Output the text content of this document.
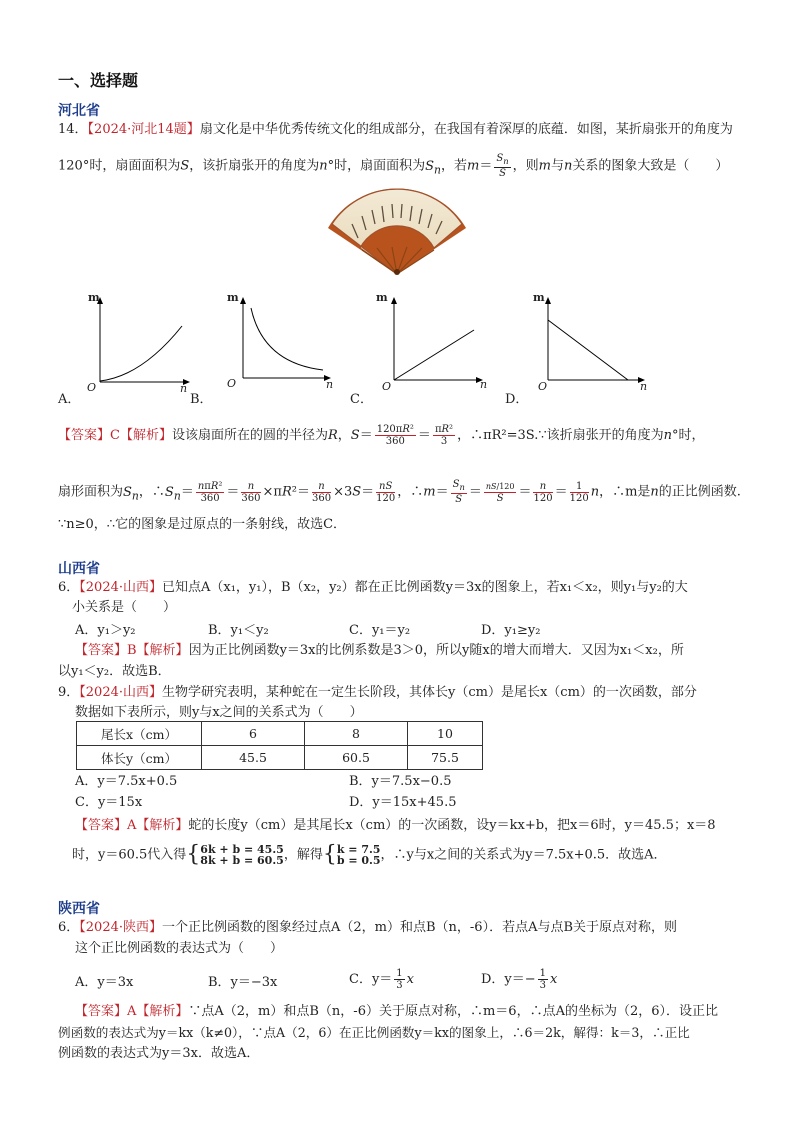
一、选择题
河北省
14．【2024·河北14题】扇文化是中华优秀传统文化的组成部分，在我国有着深厚的底蕴．如图，某折扇张开的角度为
120°时，扇面面积为S，该折扇张开的角度为n°时，扇面面积为$S_n$，若$m= \frac{S_n}{S}$ ，则m与n关系的图象大致是（　　）
m
O	n
A．
m
O	n
B．
m
O	n
C．
m
O	n
D．
【答案】C【解析】设该扇面所在的圆的半径为R，$S= \frac{\text{120πR²}}{360} = \frac{\text{πR²}}{3}$ ，∴πR²=3S.∵该折扇张开的角度为n°时，
扇形面积为$S_n$，$\therefore S_n= \frac{\text{nπR²}}{360} = \frac{n}{360} \times\pi R^2= \frac{n}{360} \times 3S= \frac{nS}{120}$ ，∴m＝ $\frac{S_n}{S} = \frac{nS/120}{S} = \frac{n}{120} = \frac{1}{120}$ n，∴m是n的正比例函数.
∵n≥0，∴它的图象是过原点的一条射线，故选C．
山西省
6．【2024·山西】已知点A（x₁，y₁），B（x₂，y₂）都在正比例函数y＝3x的图象上，若x₁＜x₂，则y₁与y₂的大
小关系是（　　）
A．y₁＞y₂	B．y₁＜y₂	C．y₁＝y₂	D．y₁≥y₂
【答案】B【解析】因为正比例函数y＝3x的比例系数是3＞0，所以y随x的增大而增大．又因为x₁＜x₂，所
以y₁＜y₂．故选B．
9．【2024·山西】生物学研究表明，某种蛇在一定生长阶段，其体长y（cm）是尾长x（cm）的一次函数，部分
数据如下表所示，则y与x之间的关系式为（　　）
尾长x（cm）	6	8	10
体长y（cm）	45.5	60.5	75.5
A．y＝7.5x+0.5	B．y＝7.5x−0.5
C．y＝15x	D．y＝15x+45.5
【答案】A【解析】蛇的长度y（cm）是其尾长x（cm）的一次函数，设y＝kx+b，把x＝6时，y＝45.5；x＝8
时，y＝60.5代入得{ 6k + b = 45.5
8k + b = 60.5 ，解得{ k = 7.5
b = 0.5 ，∴y与x之间的关系式为y＝7.5x+0.5．故选A．
陕西省
6．【2024·陕西】一个正比例函数的图象经过点A（2，m）和点B（n，-6）．若点A与点B关于原点对称，则
这个正比例函数的表达式为（　　）
A．y＝3x	B．y＝−3x	C．$y= \frac{1}{3}$ x	D．$y=- \frac{1}{3}$ x
【答案】A【解析】∵点A（2，m）和点B（n，-6）关于原点对称，∴m＝6，∴点A的坐标为（2，6）．设正比
例函数的表达式为y＝kx（k≠0），∵点A（2，6）在正比例函数y＝kx的图象上，∴6＝2k，解得：k＝3，∴正比
例函数的表达式为y＝3x．故选A．
